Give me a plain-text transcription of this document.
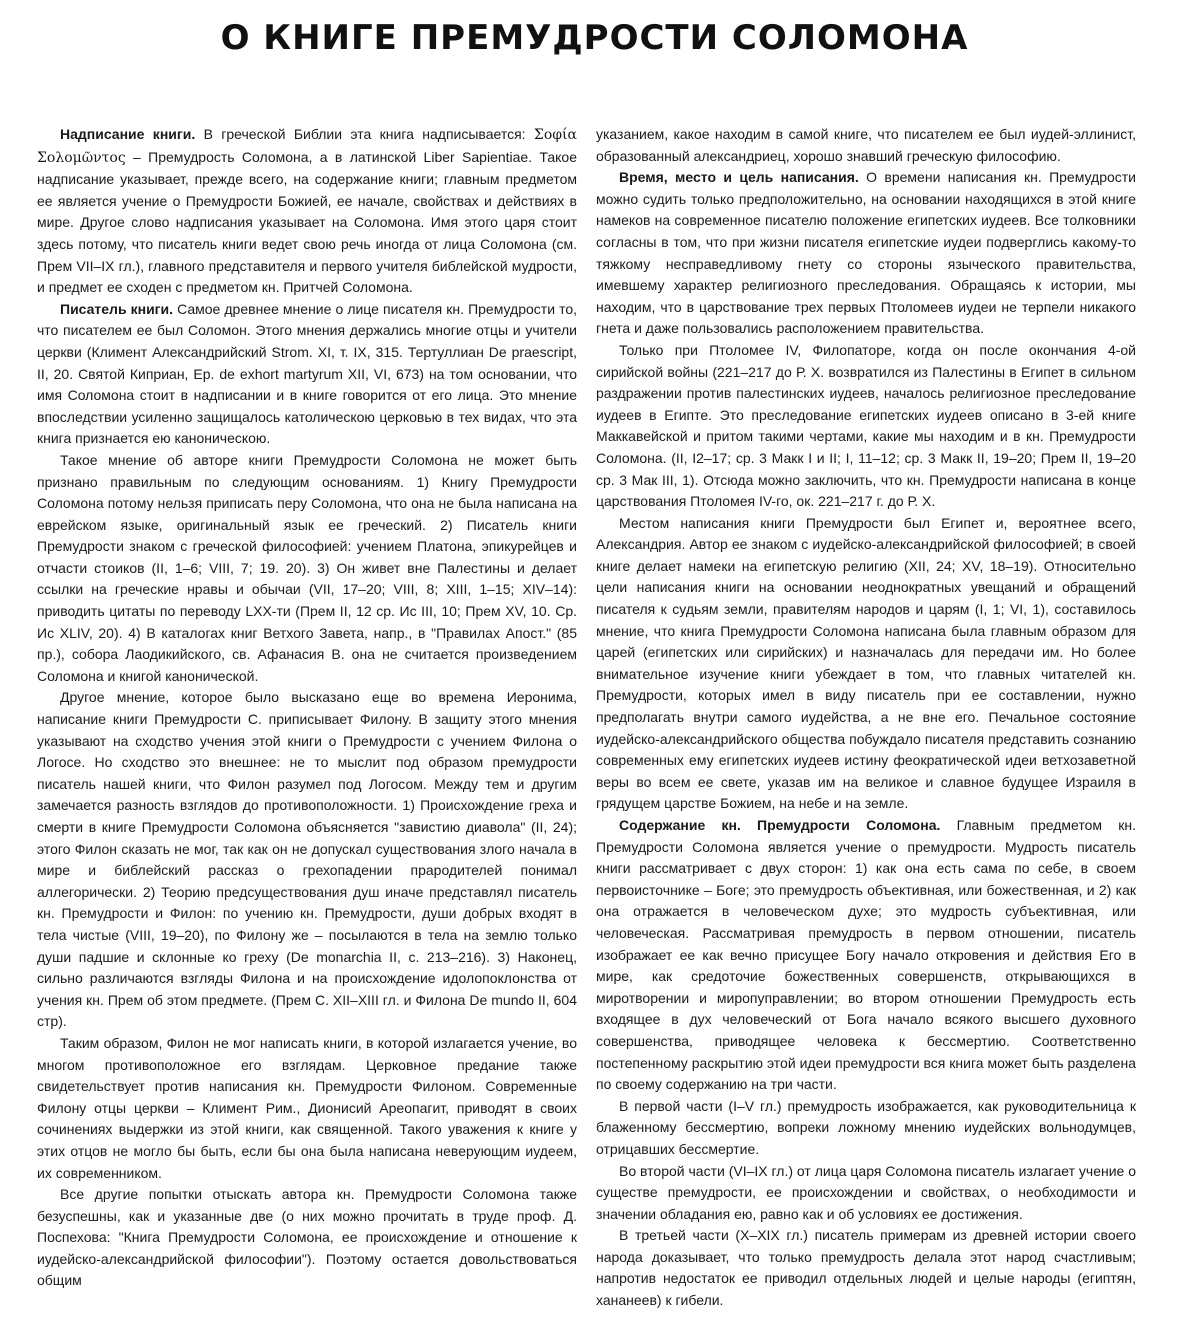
О КНИГЕ ПРЕМУДРОСТИ СОЛОМОНА

Надписание книги. В греческой Библии эта книга надписывается: Σοφία Σολομῶντος – Премудрость Соломона, а в латинской Liber Sapientiae. Такое надписание указывает, прежде всего, на содержание книги; главным предметом ее является учение о Премудрости Божией, ее начале, свойствах и действиях в мире. Другое слово надписания указывает на Соломона. Имя этого царя стоит здесь потому, что писатель книги ведет свою речь иногда от лица Соломона (см. Прем VII–IX гл.), главного представителя и первого учителя библейской мудрости, и предмет ее сходен с предметом кн. Притчей Соломона.

Писатель книги. Самое древнее мнение о лице писателя кн. Премудрости то, что писателем ее был Соломон. Этого мнения держались многие отцы и учители церкви (Климент Александрийский Strom. XI, т. IX, 315. Тертуллиан De praescript, II, 20. Святой Киприан, Ep. de exhort martyrum XII, VI, 673) на том основании, что имя Соломона стоит в надписании и в книге говорится от его лица. Это мнение впоследствии усиленно защищалось католическою церковью в тех видах, что эта книга признается ею каноническою.

Такое мнение об авторе книги Премудрости Соломона не может быть признано правильным по следующим основаниям. 1) Книгу Премудрости Соломона потому нельзя приписать перу Соломона, что она не была написана на еврейском языке, оригинальный язык ее греческий. 2) Писатель книги Премудрости знаком с греческой философией: учением Платона, эпикурейцев и отчасти стоиков (II, 1–6; VIII, 7; 19. 20). 3) Он живет вне Палестины и делает ссылки на греческие нравы и обычаи (VII, 17–20; VIII, 8; XIII, 1–15; XIV–14): приводить цитаты по переводу LXX-ти (Прем II, 12 ср. Ис III, 10; Прем XV, 10. Ср. Ис XLIV, 20). 4) В каталогах книг Ветхого Завета, напр., в "Правилах Апост." (85 пр.), собора Лаодикийского, св. Афанасия В. она не считается произведением Соломона и книгой канонической.

Другое мнение, которое было высказано еще во времена Иеронима, написание книги Премудрости С. приписывает Филону. В защиту этого мнения указывают на сходство учения этой книги о Премудрости с учением Филона о Логосе. Но сходство это внешнее: не то мыслит под образом премудрости писатель нашей книги, что Филон разумел под Логосом. Между тем и другим замечается разность взглядов до противоположности. 1) Происхождение греха и смерти в книге Премудрости Соломона объясняется "завистию диавола" (II, 24); этого Филон сказать не мог, так как он не допускал существования злого начала в мире и библейский рассказ о грехопадении прародителей понимал аллегорически. 2) Теорию предсуществования душ иначе представлял писатель кн. Премудрости и Филон: по учению кн. Премудрости, души добрых входят в тела чистые (VIII, 19–20), по Филону же – посылаются в тела на землю только души падшие и склонные ко греху (De monarchia II, с. 213–216). 3) Наконец, сильно различаются взгляды Филона и на происхождение идолопоклонства от учения кн. Прем об этом предмете. (Прем С. XII–XIII гл. и Филона De mundo II, 604 стр).

Таким образом, Филон не мог написать книги, в которой излагается учение, во многом противоположное его взглядам. Церковное предание также свидетельствует против написания кн. Премудрости Филоном. Современные Филону отцы церкви – Климент Рим., Дионисий Ареопагит, приводят в своих сочинениях выдержки из этой книги, как священной. Такого уважения к книге у этих отцов не могло бы быть, если бы она была написана неверующим иудеем, их современником.

Все другие попытки отыскать автора кн. Премудрости Соломона также безуспешны, как и указанные две (о них можно прочитать в труде проф. Д. Поспехова: "Книга Премудрости Соломона, ее происхождение и отношение к иудейско-александрийской философии"). Поэтому остается довольствоваться общим

указанием, какое находим в самой книге, что писателем ее был иудей-эллинист, образованный александриец, хорошо знавший греческую философию.

Время, место и цель написания. О времени написания кн. Премудрости можно судить только предположительно, на основании находящихся в этой книге намеков на современное писателю положение египетских иудеев. Все толковники согласны в том, что при жизни писателя египетские иудеи подверглись какому-то тяжкому несправедливому гнету со стороны языческого правительства, имевшему характер религиозного преследования. Обращаясь к истории, мы находим, что в царствование трех первых Птоломеев иудеи не терпели никакого гнета и даже пользовались расположением правительства.

Только при Птоломее IV, Филопаторе, когда он после окончания 4-ой сирийской войны (221–217 до Р. Х. возвратился из Палестины в Египет в сильном раздражении против палестинских иудеев, началось религиозное преследование иудеев в Египте. Это преследование египетских иудеев описано в 3-ей книге Маккавейской и притом такими чертами, какие мы находим и в кн. Премудрости Соломона. (II, I2–17; ср. 3 Макк I и II; I, 11–12; ср. 3 Макк II, 19–20; Прем II, 19–20 ср. 3 Мак III, 1). Отсюда можно заключить, что кн. Премудрости написана в конце царствования Птоломея IV-го, ок. 221–217 г. до Р. Х.

Местом написания книги Премудрости был Египет и, вероятнее всего, Александрия. Автор ее знаком с иудейско-александрийской философией; в своей книге делает намеки на египетскую религию (XII, 24; XV, 18–19). Относительно цели написания книги на основании неоднократных увещаний и обращений писателя к судьям земли, правителям народов и царям (I, 1; VI, 1), составилось мнение, что книга Премудрости Соломона написана была главным образом для царей (египетских или сирийских) и назначалась для передачи им. Но более внимательное изучение книги убеждает в том, что главных читателей кн. Премудрости, которых имел в виду писатель при ее составлении, нужно предполагать внутри самого иудейства, а не вне его. Печальное состояние иудейско-александрийского общества побуждало писателя представить сознанию современных ему египетских иудеев истину феократической идеи ветхозаветной веры во всем ее свете, указав им на великое и славное будущее Израиля в грядущем царстве Божием, на небе и на земле.

Содержание кн. Премудрости Соломона. Главным предметом кн. Премудрости Соломона является учение о премудрости. Мудрость писатель книги рассматривает с двух сторон: 1) как она есть сама по себе, в своем первоисточнике – Боге; это премудрость объективная, или божественная, и 2) как она отражается в человеческом духе; это мудрость субъективная, или человеческая. Рассматривая премудрость в первом отношении, писатель изображает ее как вечно присущее Богу начало откровения и действия Его в мире, как средоточие божественных совершенств, открывающихся в миротворении и миропуправлении; во втором отношении Премудрость есть входящее в дух человеческий от Бога начало всякого высшего духовного совершенства, приводящее человека к бессмертию. Соответственно постепенному раскрытию этой идеи премудрости вся книга может быть разделена по своему содержанию на три части.

В первой части (I–V гл.) премудрость изображается, как руководительница к блаженному бессмертию, вопреки ложному мнению иудейских вольнодумцев, отрицавших бессмертие.

Во второй части (VI–IX гл.) от лица царя Соломона писатель излагает учение о существе премудрости, ее происхождении и свойствах, о необходимости и значении обладания ею, равно как и об условиях ее достижения.

В третьей части (X–XIX гл.) писатель примерам из древней истории своего народа доказывает, что только премудрость делала этот народ счастливым; напротив недостаток ее приводил отдельных людей и целые народы (египтян, хананеев) к гибели.
